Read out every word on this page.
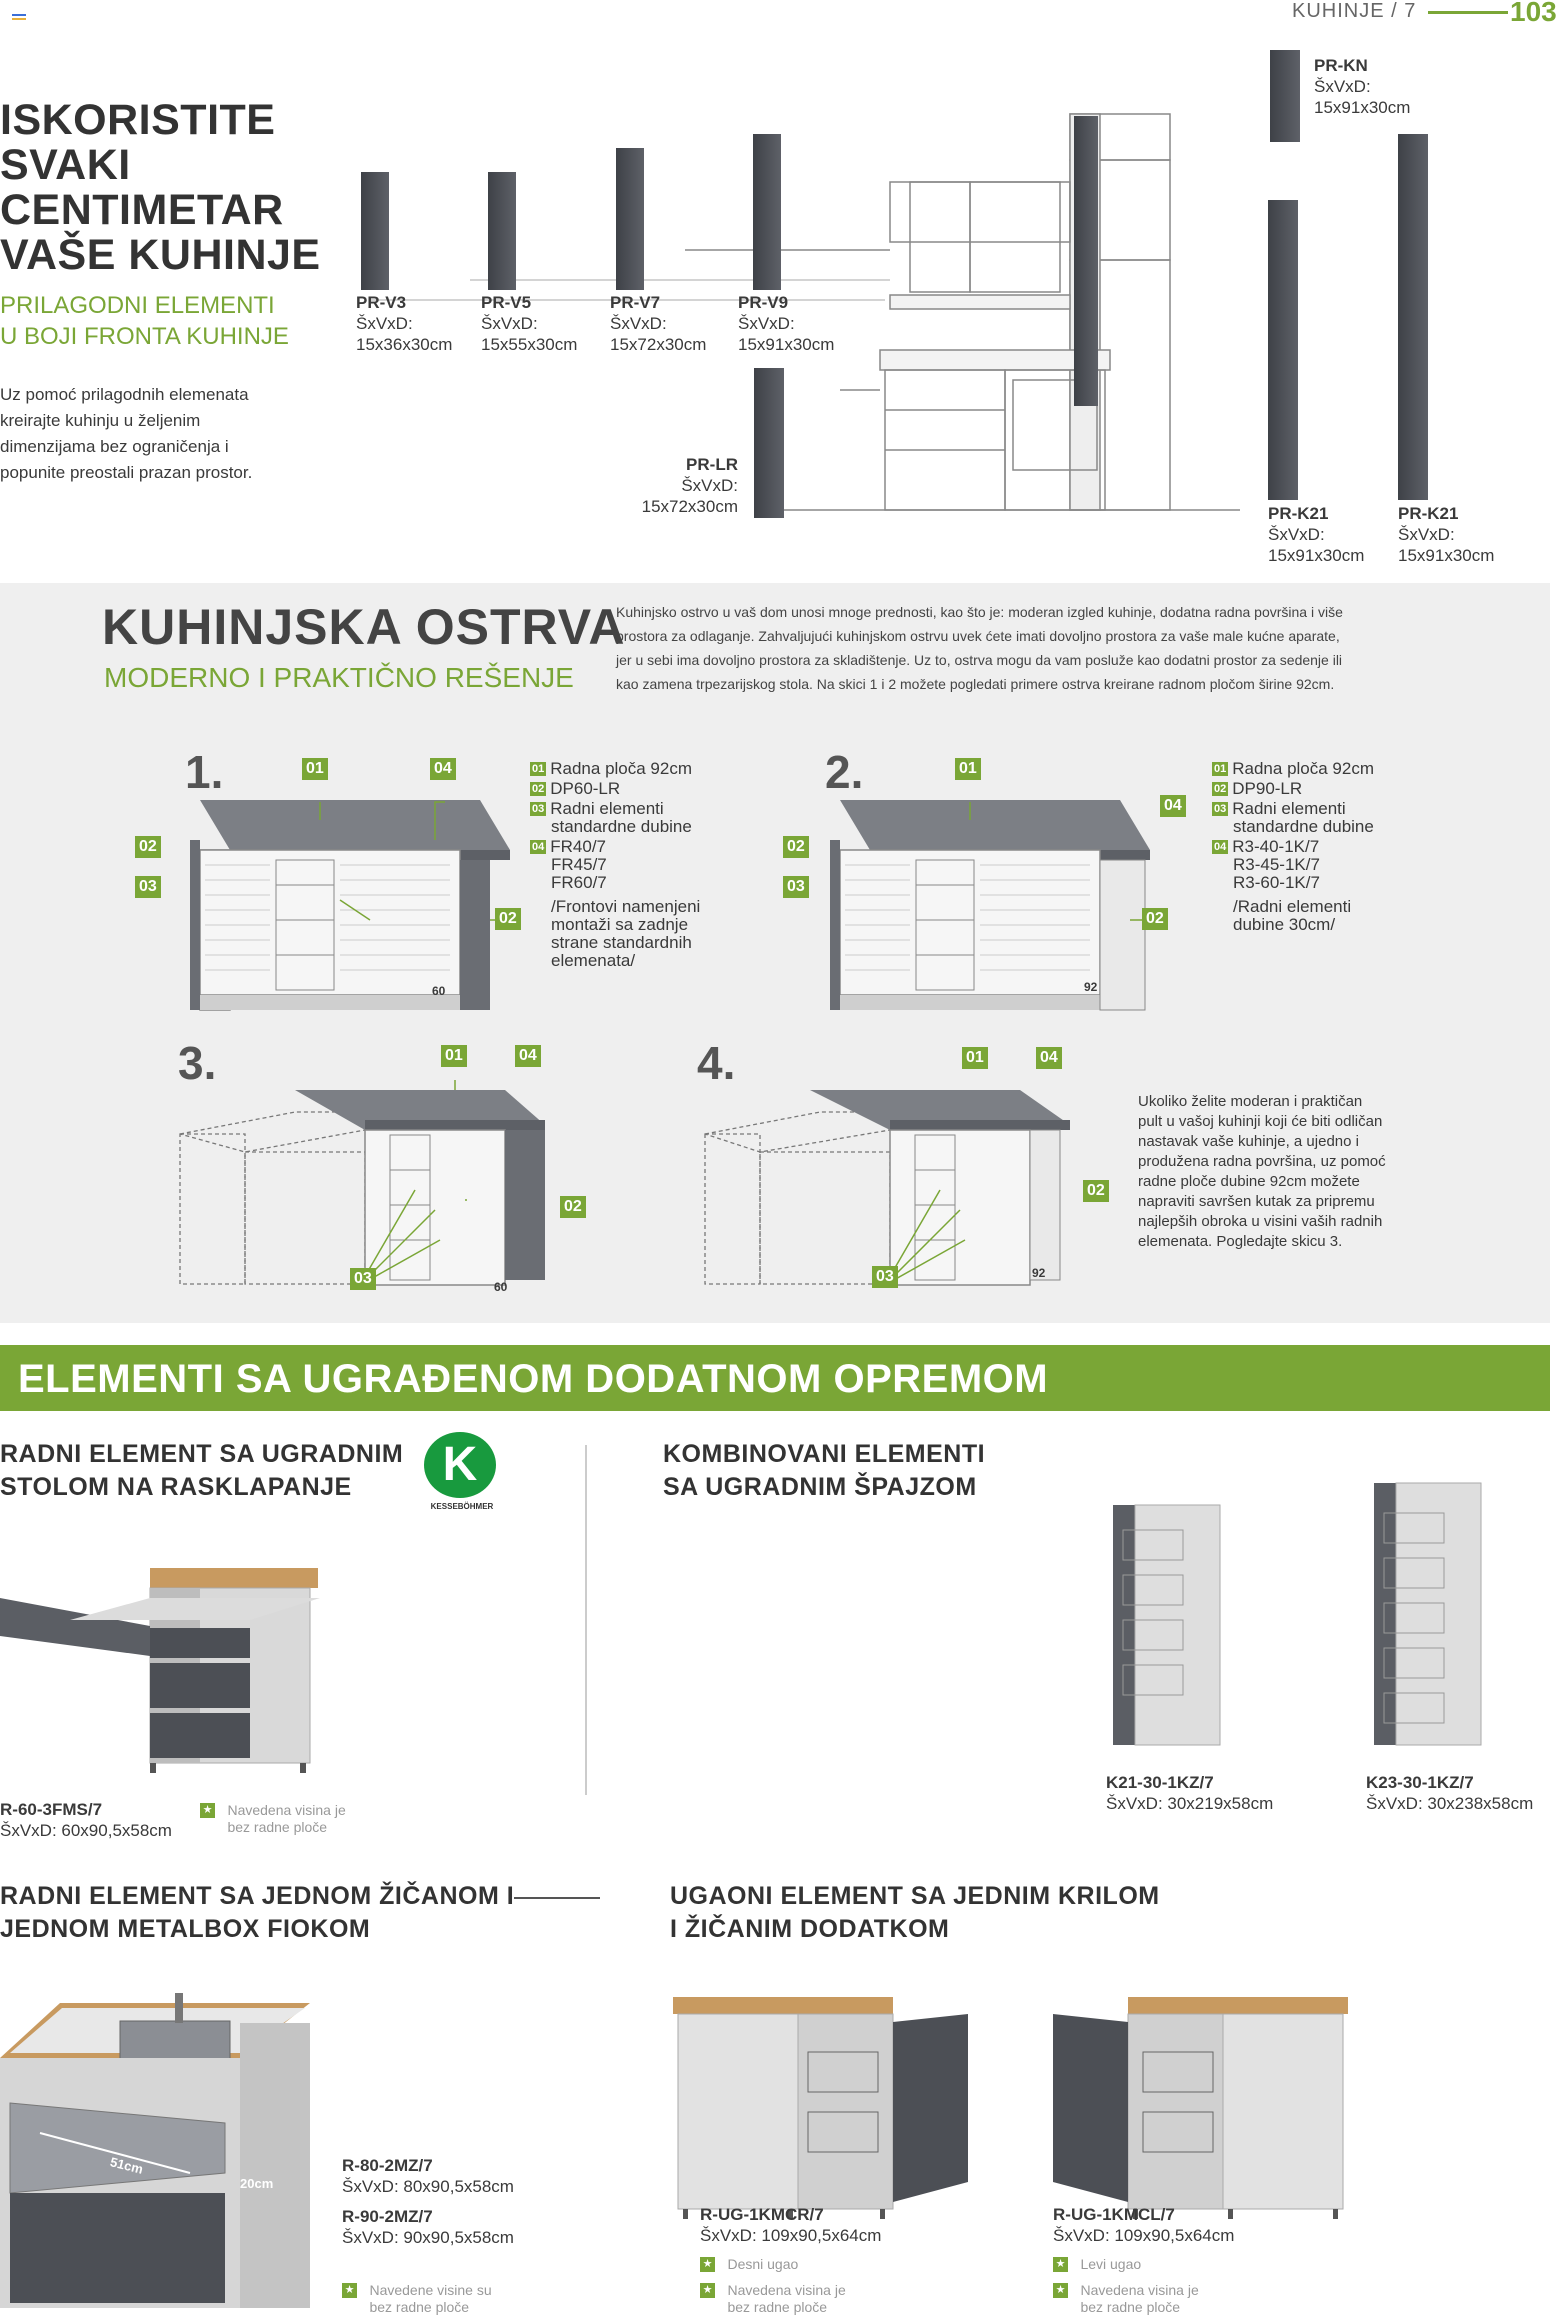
KUHINJE / 7	103
ISKORISTITE
SVAKI
CENTIMETAR
VAŠE KUHINJE
PRILAGODNI ELEMENTI
U BOJI FRONTA KUHINJE
Uz pomoć prilagodnih elemenata
kreirajte kuhinju u željenim
dimenzijama bez ograničenja i
popunite preostali prazan prostor.
PR-V3
ŠxVxD:
15x36x30cm
PR-V5
ŠxVxD:
15x55x30cm
PR-V7
ŠxVxD:
15x72x30cm
PR-V9
ŠxVxD:
15x91x30cm
PR-LR
ŠxVxD:
15x72x30cm
PR-KN
ŠxVxD:
15x91x30cm
PR-K21
ŠxVxD:
15x91x30cm
PR-K21
ŠxVxD:
15x91x30cm
KUHINJSKA OSTRVA
MODERNO I PRAKTIČNO REŠENJE
Kuhinjsko ostrvo u vaš dom unosi mnoge prednosti, kao što je: moderan izgled kuhinje, dodatna radna površina i više
prostora za odlaganje. Zahvaljujući kuhinjskom ostrvu uvek ćete imati dovoljno prostora za vaše male kućne aparate,
jer u sebi ima dovoljno prostora za skladištenje. Uz to, ostrva mogu da vam posluže kao dodatni prostor za sedenje ili
kao zamena trpezarijskog stola. Na skici 1 i 2 možete pogledati primere ostrva kreirane radnom pločom širine 92cm.
1.
60
01	04
02
03
02
01 Radna ploča 92cm
02 DP60-LR
03 Radni elementi
standardne dubine
04 FR40/7
FR45/7
FR60/7
/Frontovi namenjeni
montaži sa zadnje
strane standardnih
elemenata/
2.
92
01
04
02
03
02
01 Radna ploča 92cm
02 DP90-LR
03 Radni elementi
standardne dubine
04 R3-40-1K/7
R3-45-1K/7
R3-60-1K/7
/Radni elementi
dubine 30cm/
3.
60
01	04
02
03
4.
92
01	04
02
03
Ukoliko želite moderan i praktičan
pult u vašoj kuhinji koji će biti odličan
nastavak vaše kuhinje, a ujedno i
produžena radna površina, uz pomoć
radne ploče dubine 92cm možete
napraviti savršen kutak za pripremu
najlepših obroka u visini vaših radnih
elemenata. Pogledajte skicu 3.
ELEMENTI SA UGRAĐENOM DODATNOM OPREMOM
RADNI ELEMENT SA UGRADNIM
STOLOM NA RASKLAPANJE	K
KESSEBÖHMER
R-60-3FMS/7
ŠxVxD: 60x90,5x58cm
★ Navedena visina je
bez radne ploče
KOMBINOVANI ELEMENTI
SA UGRADNIM ŠPAJZOM
K21-30-1KZ/7
ŠxVxD: 30x219x58cm
K23-30-1KZ/7
ŠxVxD: 30x238x58cm
RADNI ELEMENT SA JEDNOM ŽIČANOM I
JEDNOM METALBOX FIOKOM
51cm
20cm
R-80-2MZ/7
ŠxVxD: 80x90,5x58cm
R-90-2MZ/7
ŠxVxD: 90x90,5x58cm
★ Navedene visine su
bez radne ploče
UGAONI ELEMENT SA JEDNIM KRILOM
I ŽIČANIM DODATKOM
R-UG-1KMCR/7
ŠxVxD: 109x90,5x64cm
★ Desni ugao
★ Navedena visina je
bez radne ploče
R-UG-1KMCL/7
ŠxVxD: 109x90,5x64cm
★ Levi ugao
★ Navedena visina je
bez radne ploče
